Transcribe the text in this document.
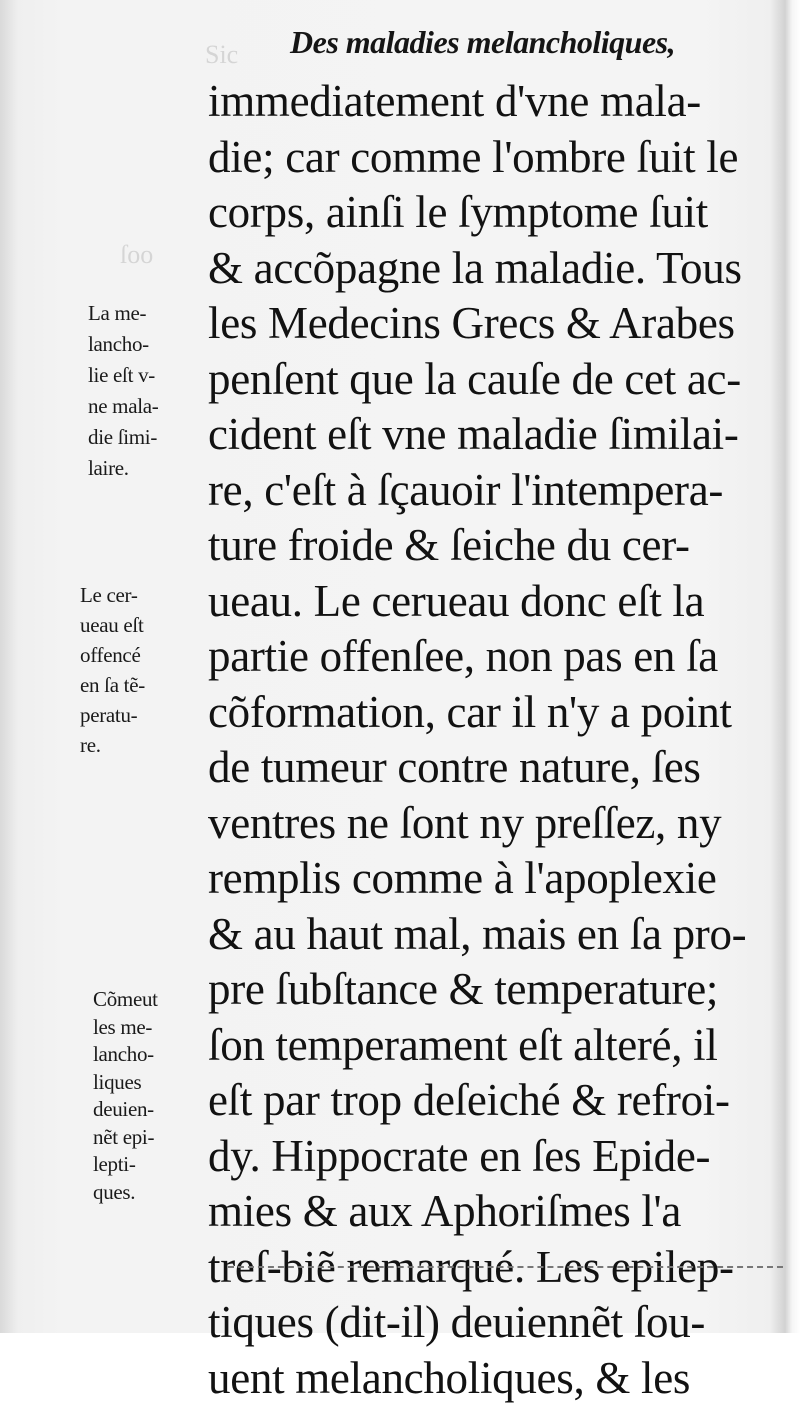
Sic
ſoo
Des maladies melancholiques,
immediatement d'vne mala-
die; car comme l'ombre ſuit le
corps, ainſi le ſymptome ſuit
& accõpagne la maladie. Tous
les Medecins Grecs & Arabes
penſent que la cauſe de cet ac-
cident eſt vne maladie ſimilai-
re, c'eſt à ſçauoir l'intempera-
ture froide & ſeiche du cer-
ueau. Le cerueau donc eſt la
partie offenſee, non pas en ſa
cõformation, car il n'y a point
de tumeur contre nature, ſes
ventres ne ſont ny preſſez, ny
remplis comme à l'apoplexie
& au haut mal, mais en ſa pro-
pre ſubſtance & temperature;
ſon temperament eſt alteré, il
eſt par trop deſeiché & refroi-
dy. Hippocrate en ſes Epide-
mies & aux Aphoriſmes l'a
treſ-biẽ remarqué. Les epilep-
tiques (dit-il) deuiennẽt ſou-
uent melancholiques, & les
La me-
lancho-
lie eſt v-
ne mala-
die ſimi-
laire.
Le cer-
ueau eſt
offencé
en ſa tẽ-
peratu-
re.
Cõmeut
les me-
lancho-
liques
deuien-
nẽt epi-
lepti-
ques.
